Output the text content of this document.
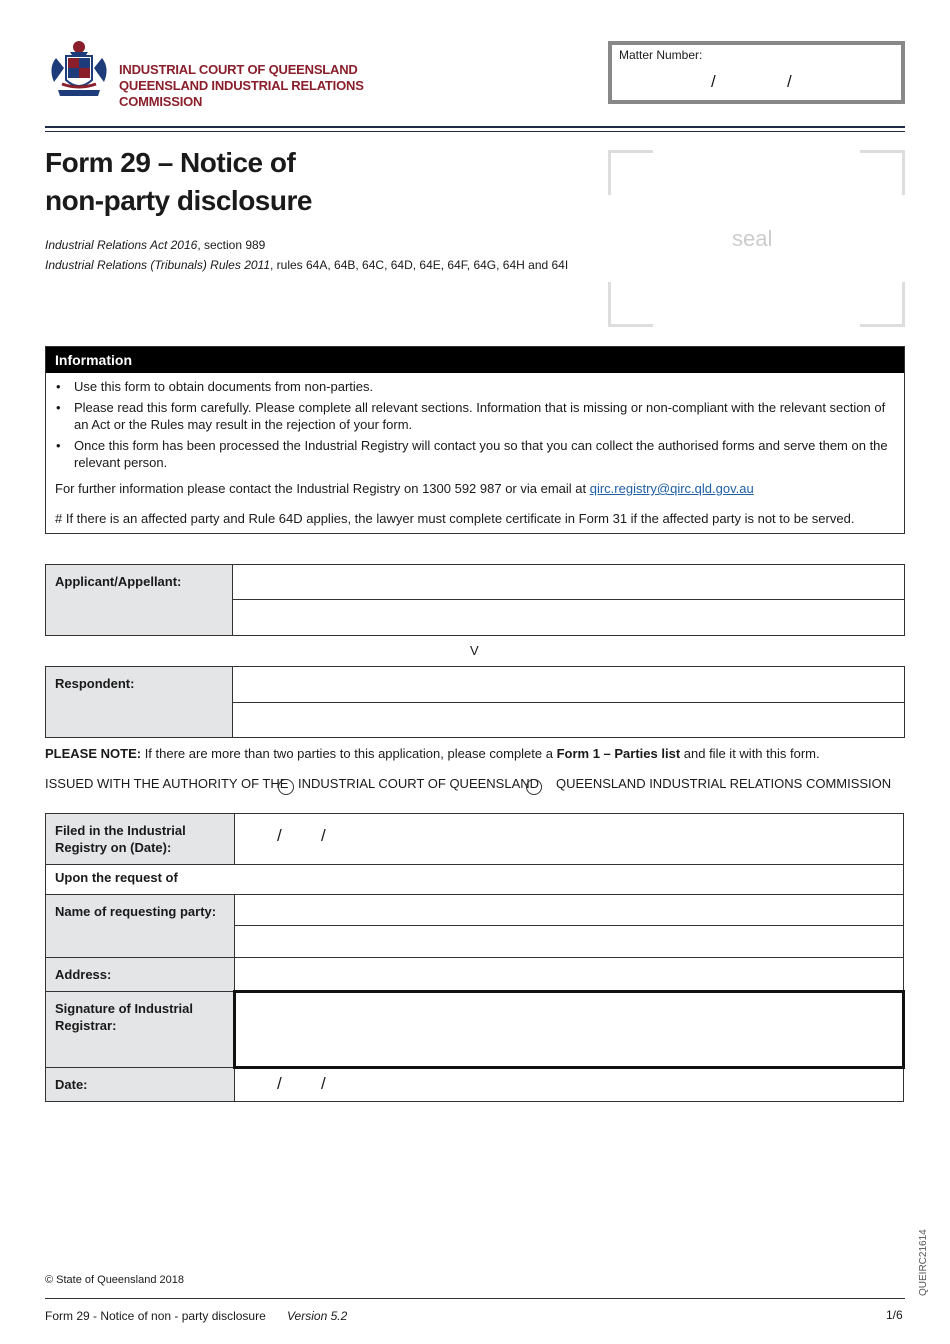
INDUSTRIAL COURT OF QUEENSLAND
QUEENSLAND INDUSTRIAL RELATIONS
COMMISSION
Matter Number:
/	/
Form 29 – Notice of
non-party disclosure
Industrial Relations Act 2016, section 989
Industrial Relations (Tribunals) Rules 2011, rules 64A, 64B, 64C, 64D, 64E, 64F, 64G, 64H and 64I
seal
Information
• Use this form to obtain documents from non-parties.
• Please read this form carefully. Please complete all relevant sections. Information that is missing or non-compliant with the relevant section of an Act or the Rules may result in the rejection of your form.
• Once this form has been processed the Industrial Registry will contact you so that you can collect the authorised forms and serve them on the relevant person.

For further information please contact the Industrial Registry on 1300 592 987 or via email at qirc.registry@qirc.qld.gov.au

# If there is an affected party and Rule 64D applies, the lawyer must complete certificate in Form 31 if the affected party is not to be served.

Applicant/Appellant:	

V
Respondent:	

PLEASE NOTE: If there are more than two parties to this application, please complete a Form 1 – Parties list and file it with this form.
ISSUED WITH THE AUTHORITY OF THE INDUSTRIAL COURT OF QUEENSLAND QUEENSLAND INDUSTRIAL RELATIONS COMMISSION
Filed in the Industrial Registry on (Date):	/ /

Upon the request of	
Name of requesting party:	

Address:	
Signature of Industrial Registrar:	
Date:	/ /
© State of Queensland 2018	QUEIRC21614
Form 29 - Notice of non - party disclosure Version 5.2	1/6
